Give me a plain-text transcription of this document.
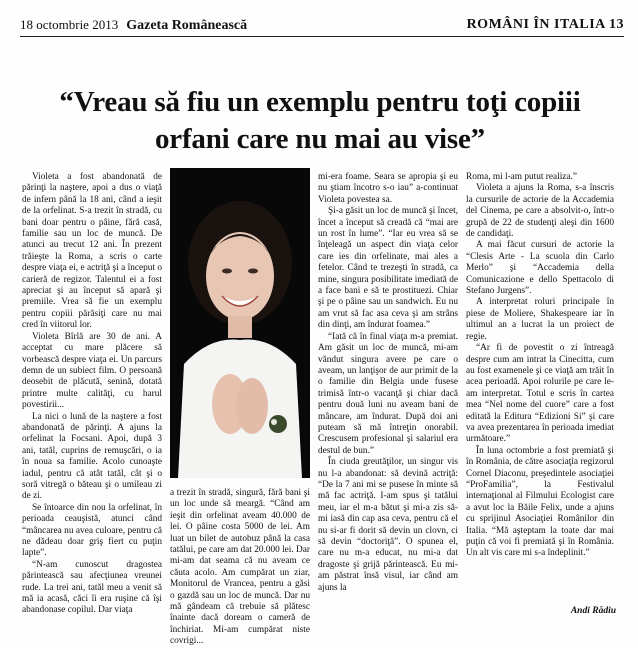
18 octombrie 2013 Gazeta Românească	ROMÂNI ÎN ITALIA 13
“Vreau să fiu un exemplu pentru toţi copiii orfani care nu mai au vise”

Violeta a fost abandonată de părinţi la naştere, apoi a dus o viaţă de infern până la 18 ani, când a ieşit de la orfelinat. S-a trezit în stradă, cu bani doar pentru o pâine, fără casă, familie sau un loc de muncă. De atunci au trecut 12 ani. În prezent trăieşte la Roma, a scris o carte despre viaţa ei, e actriţă şi a început o carieră de regizor. Talentul ei a fost apreciat şi au început să apară şi premiile. Vrea să fie un exemplu pentru copiii părăsiţi care nu mai cred în viitorul lor.

Violeta Bîrlă are 30 de ani. A acceptat cu mare plăcere să vorbească despre viaţa ei. Un parcurs demn de un subiect film. O persoană deosebit de plăcută, senină, dotată printre multe calităţi, cu harul povestirii...

La nici o lună de la naştere a fost abandonată de părinţi. A ajuns la orfelinat la Focsani. Apoi, după 3 ani, tatăl, cuprins de remuşcări, o ia în noua sa familie. Acolo cunoaşte iadul, pentru că atât tatăl, cât şi o soră vitregă o băteau şi o umileau zi de zi.

Se întoarce din nou la orfelinat, în perioada ceauşistă, atunci când “mâncarea nu avea culoare, pentru că ne dădeau doar griş fiert cu puţin lapte”.

“N-am cunoscut dragostea părintească sau afecţiunea vreunei rude. La trei ani, tatăl meu a venit să mă ia acasă, căci îi era ruşine că îşi abandonase copilul. Dar viaţa

a trezit în stradă, singură, fără bani şi un loc unde să meargă. “Când am ieşit din orfelinat aveam 40.000 de lei. O pâine costa 5000 de lei. Am luat un bilet de autobuz până la casa tatălui, pe care am dat 20.000 lei. Dar mi-am dat seama că nu aveam ce căuta acolo. Am cumpărat un ziar, Monitorul de Vrancea, pentru a găsi o gazdă sau un loc de muncă. Dar nu mă gândeam că trebuie să plătesc înainte dacă doream o cameră de închiriat. Mi-am cumpărat niste covrigi...

mi-era foame. Seara se apropia şi eu nu ştiam încotro s-o iau” a-continuat Violeta povestea sa.

Şi-a găsit un loc de muncă şi încet, încet a început să creadă că “mai are un rost în lume”. “Iar eu vrea să se înţeleagă un aspect din viaţa celor care ies din orfelinate, mai ales a fetelor. Când te trezeşti în stradă, ca mine, singura posibilitate imediată de a face bani e să te prostituezi. Chiar şi pe o pâine sau un sandwich. Eu nu am vrut să fac asa ceva şi am strâns din dinţi, am îndurat foamea.”

“Iată că în final viaţa m-a premiat. Am găsit un loc de muncă, mi-am văndut singura avere pe care o aveam, un lanţişor de aur primit de la o familie din Belgia unde fusese trimisă într-o vacanţă şi chiar dacă pentru două luni nu aveam bani de mâncare, am îndurat. După doi ani puteam să mă întreţin onorabil. Crescusem profesional şi salariul era destul de bun.”

În ciuda greutăţilor, un singur vis nu l-a abandonat: să devină actriţă: “De la 7 ani mi se pusese în minte să mă fac actriţă. I-am spus şi tatălui meu, iar el m-a bătut şi mi-a zis să-mi iasă din cap asa ceva, pentru că el nu si-ar fi dorit să devin un clovn, ci să devin “doctoriţă”. O spunea el, care nu m-a educat, nu mi-a dat dragoste şi grijă părintească. Eu mi-am păstrat însă visul, iar când am ajuns la

Roma, mi l-am putut realiza.”

Violeta a ajuns la Roma, s-a înscris la cursurile de actorie de la Accademia del Cinema, pe care a absolvit-o, într-o grupă de 22 de studenţi aleşi din 1600 de candidaţi.

A mai făcut cursuri de actorie la “Clesis Arte - La scuola din Carlo Merlo” şi “Accademia della Comunicazione e dello Spettacolo di Stefano Jurgens”.

A interpretat roluri principale în piese de Moliere, Shakespeare iar în ultimul an a lucrat la un proiect de regie.

“Ar fi de povestit o zi întreagă despre cum am intrat la Cinecitta, cum au fost examenele şi ce viaţă am trăit în acea perioadă. Apoi rolurile pe care le-am interpretat. Totul e scris în cartea mea “Nel nome del cuore” care a fost editată la Editura “Edizioni Si” şi care va avea prezentarea în perioada imediat următoare.”

În luna octombrie a fost premiată şi în România, de către asociaţia regizorul Cornel Diaconu, preşedintele asociaţiei “ProFamilia”, la Festivalul internaţional al Filmului Ecologist care a avut loc la Băile Felix, unde a ajuns cu sprijinul Asociaţiei Românilor din Italia. “Mă aşteptam la toate dar mai puţin că voi fi premiată şi în România. Un alt vis care mi s-a îndeplinit.”

Andi Rădiu
